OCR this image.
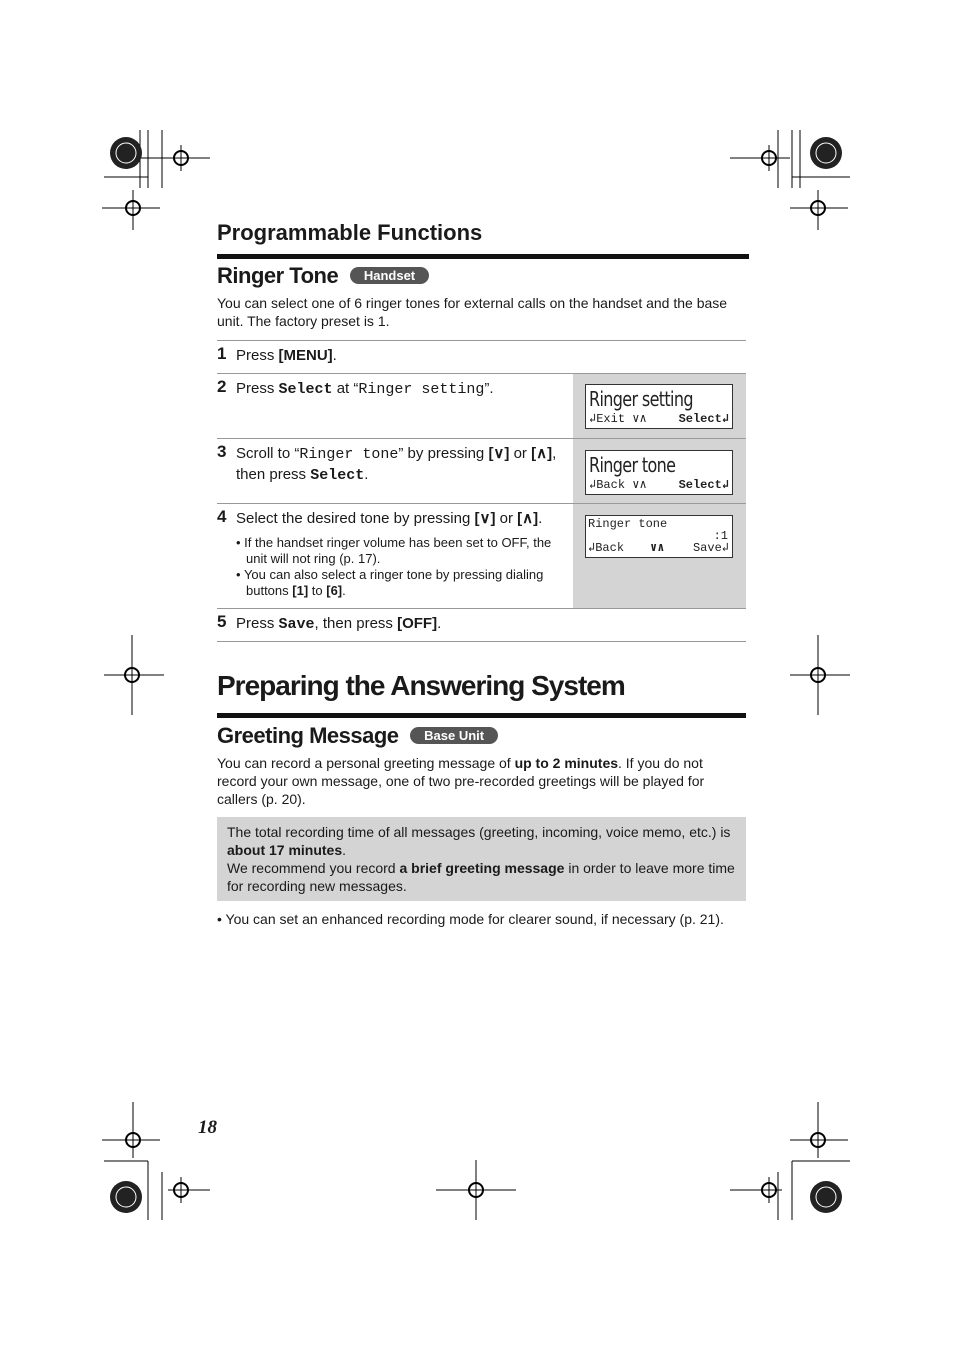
Programmable Functions
Ringer Tone Handset
You can select one of 6 ringer tones for external calls on the handset and the base unit. The factory preset is 1.
1 Press [MENU].
2 Press Select at “Ringer setting”.	Ringer setting
↲Exit ∨∧	Select↲
3 Scroll to “Ringer tone” by pressing [∨] or [∧], then press Select.	Ringer tone
↲Back ∨∧	Select↲
4 Select the desired tone by pressing [∨] or [∧].
• If the handset ringer volume has been set to OFF, the unit will not ring (p. 17).
• You can also select a ringer tone by pressing dialing buttons [1] to [6].
Ringer tone
:1
↲Back ∨∧ Save↲
5 Press Save, then press [OFF].
Preparing the Answering System
Greeting Message Base Unit
You can record a personal greeting message of up to 2 minutes. If you do not record your own message, one of two pre-recorded greetings will be played for callers (p. 20).
The total recording time of all messages (greeting, incoming, voice memo, etc.) is about 17 minutes.
We recommend you record a brief greeting message in order to leave more time for recording new messages.
• You can set an enhanced recording mode for clearer sound, if necessary (p. 21).
18
